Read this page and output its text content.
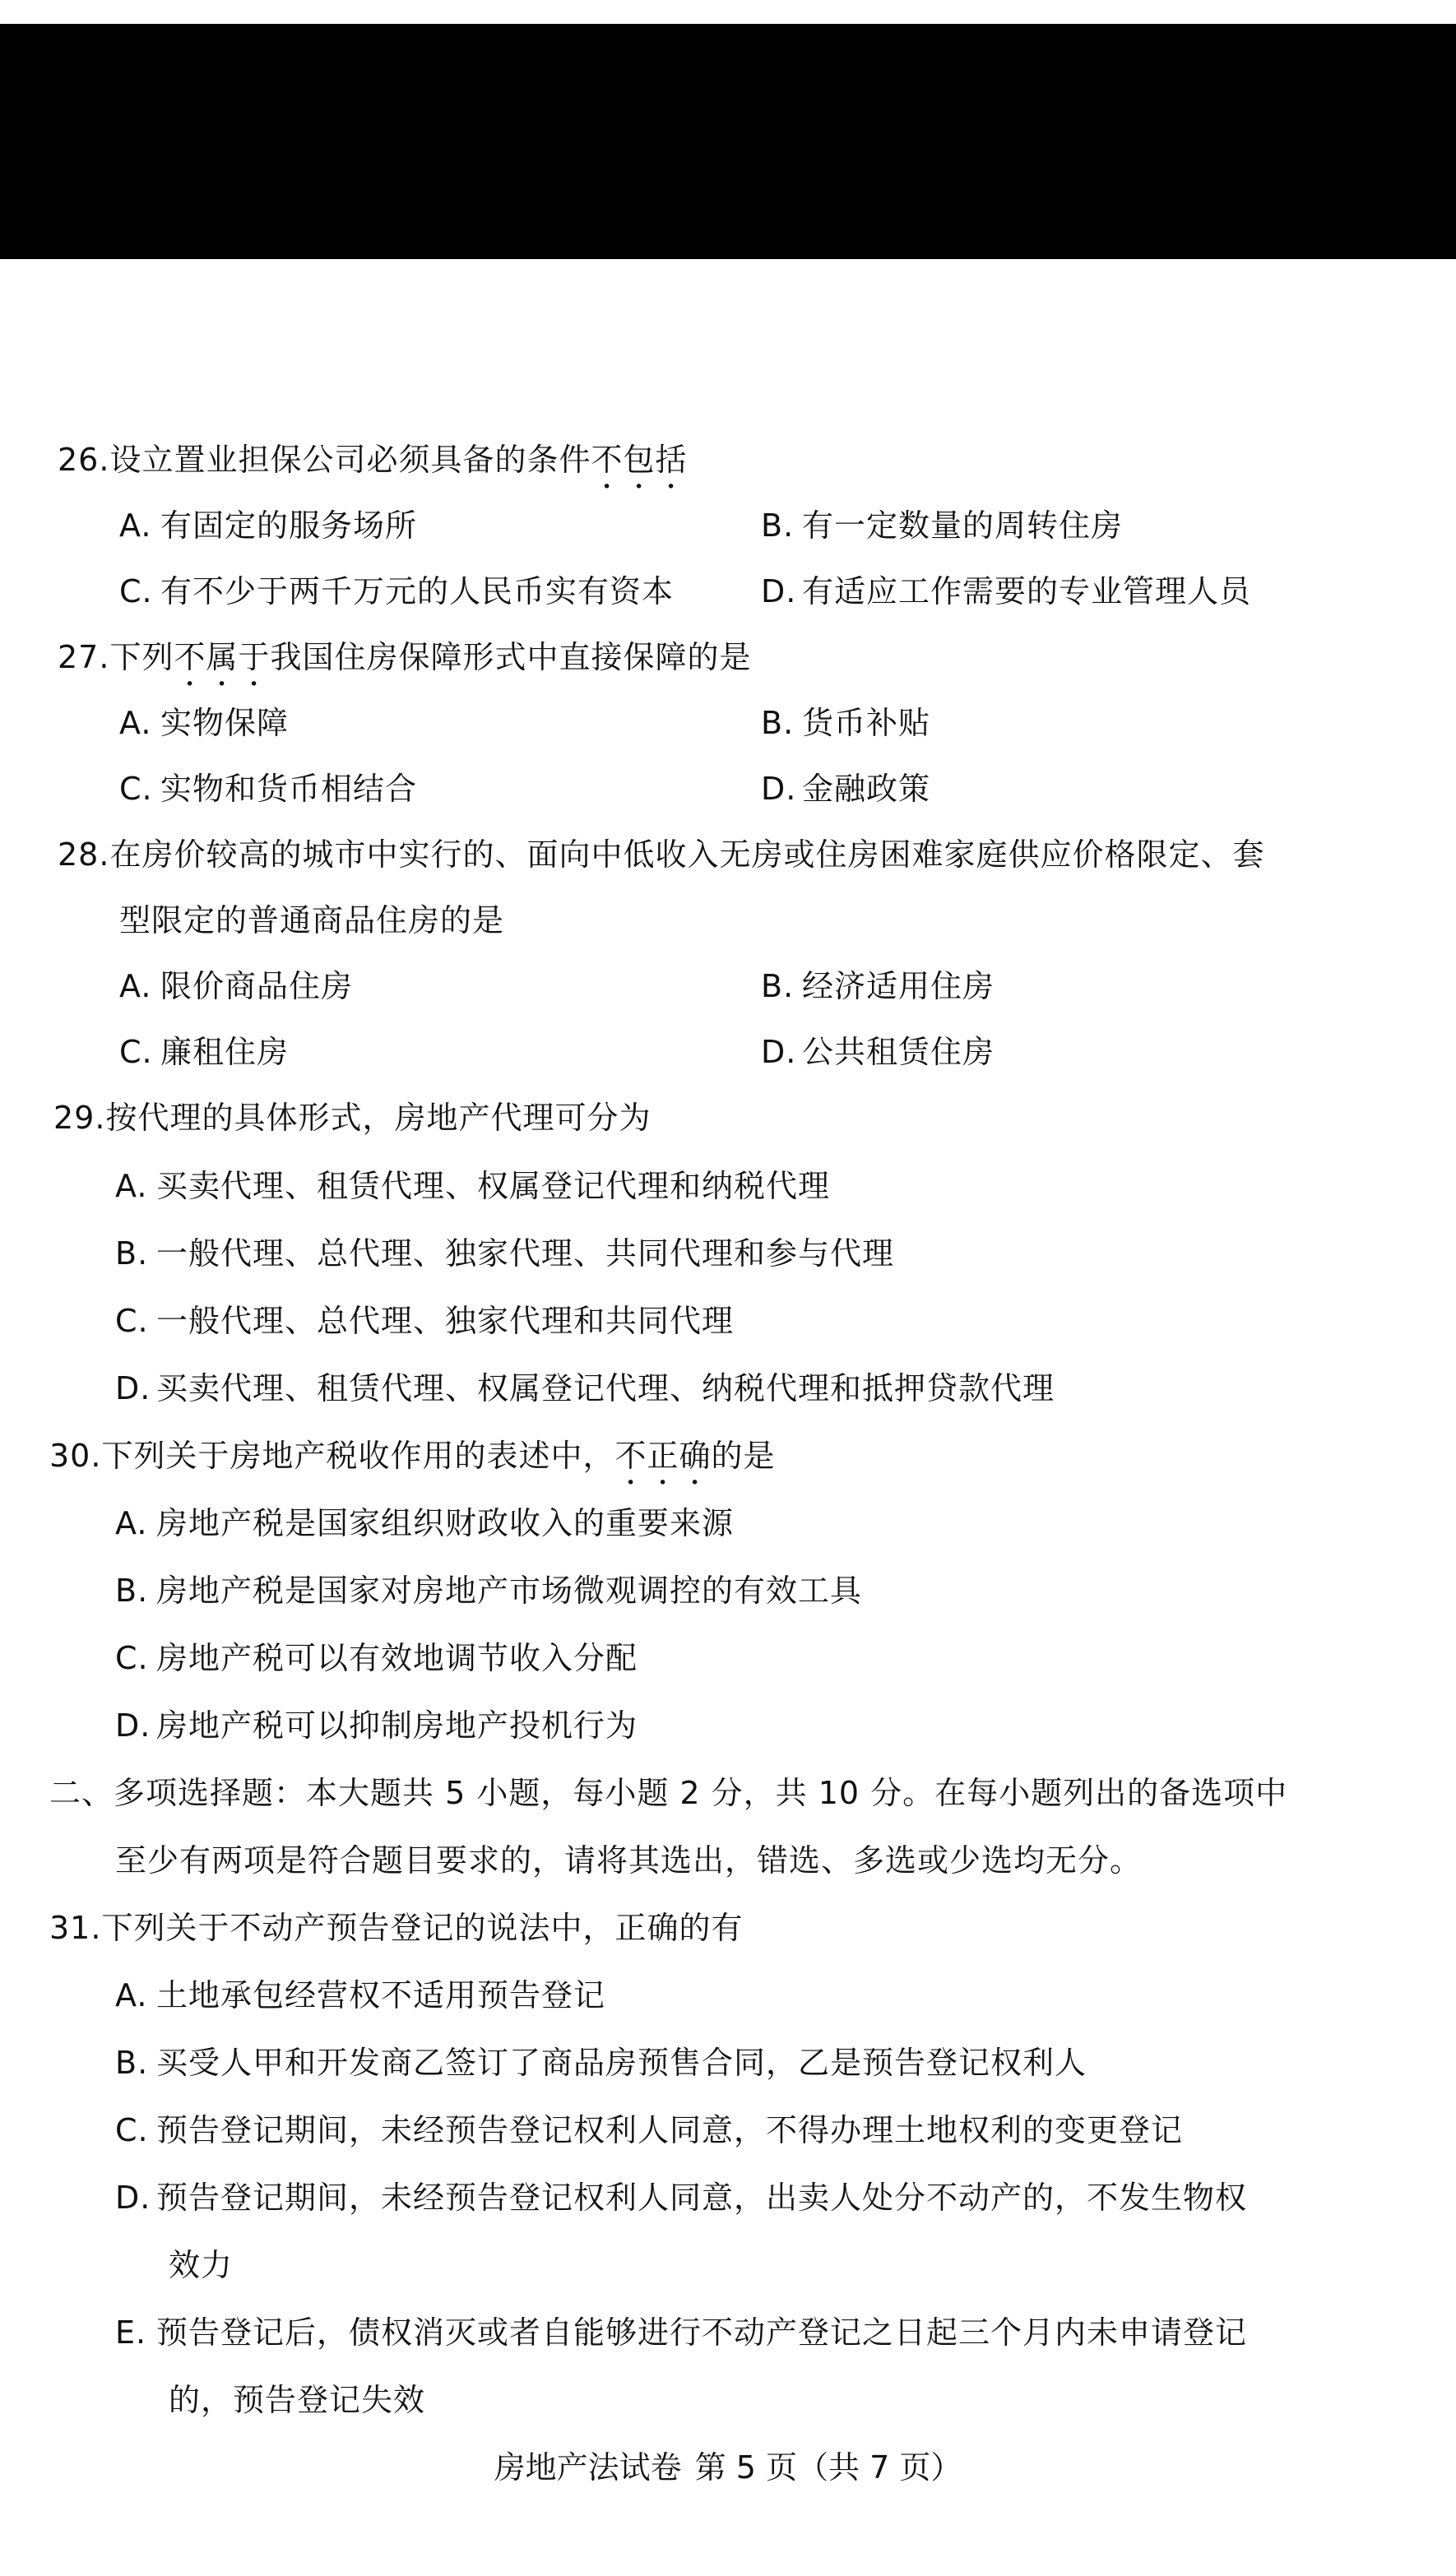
26.设立置业担保公司必须具备的条件不包括
A. 有固定的服务场所	B. 有一定数量的周转住房
C. 有不少于两千万元的人民币实有资本	D. 有适应工作需要的专业管理人员
27.下列不属于我国住房保障形式中直接保障的是
A. 实物保障	B. 货币补贴
C. 实物和货币相结合	D. 金融政策
28.在房价较高的城市中实行的、面向中低收入无房或住房困难家庭供应价格限定、套
型限定的普通商品住房的是
A. 限价商品住房	B. 经济适用住房
C. 廉租住房	D. 公共租赁住房
29.按代理的具体形式，房地产代理可分为
A. 买卖代理、租赁代理、权属登记代理和纳税代理
B. 一般代理、总代理、独家代理、共同代理和参与代理
C. 一般代理、总代理、独家代理和共同代理
D. 买卖代理、租赁代理、权属登记代理、纳税代理和抵押贷款代理
30.下列关于房地产税收作用的表述中，不正确的是
A. 房地产税是国家组织财政收入的重要来源
B. 房地产税是国家对房地产市场微观调控的有效工具
C. 房地产税可以有效地调节收入分配
D. 房地产税可以抑制房地产投机行为
二、多项选择题：本大题共 5 小题，每小题 2 分，共 10 分。在每小题列出的备选项中
至少有两项是符合题目要求的，请将其选出，错选、多选或少选均无分。
31.下列关于不动产预告登记的说法中，正确的有
A. 土地承包经营权不适用预告登记
B. 买受人甲和开发商乙签订了商品房预售合同，乙是预告登记权利人
C. 预告登记期间，未经预告登记权利人同意，不得办理土地权利的变更登记
D. 预告登记期间，未经预告登记权利人同意，出卖人处分不动产的，不发生物权
效力
E. 预告登记后，债权消灭或者自能够进行不动产登记之日起三个月内未申请登记
的，预告登记失效
房地产法试卷 第 5 页（共 7 页）
